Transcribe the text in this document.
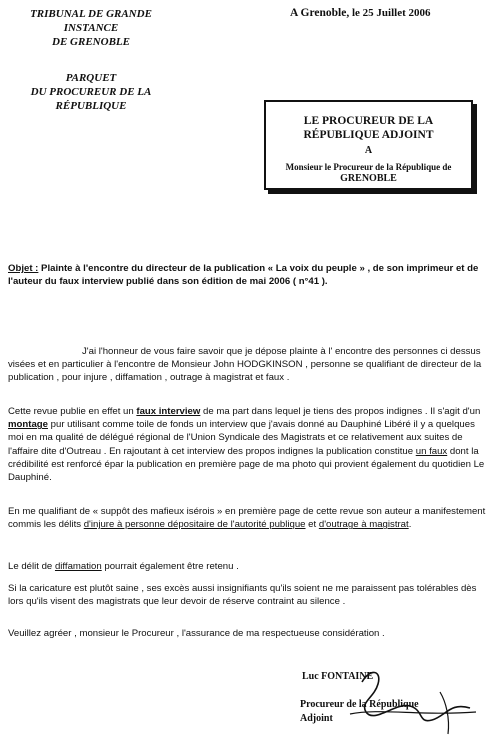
TRIBUNAL DE GRANDE INSTANCE
DE GRENOBLE
PARQUET
DU PROCUREUR DE LA
RÉPUBLIQUE
A Grenoble, le 25 Juillet 2006
LE PROCUREUR DE LA
RÉPUBLIQUE ADJOINT
A
Monsieur le Procureur de la République de
GRENOBLE
Objet : Plainte à l'encontre du directeur de la publication « La voix du peuple » , de son imprimeur et de l'auteur du faux interview publié dans son édition de mai 2006 ( n°41 ).
J'ai l'honneur de vous faire savoir que je dépose plainte à l' encontre des personnes ci dessus visées et en particulier à l'encontre de Monsieur John HODGKINSON , personne se qualifiant de directeur de la publication , pour injure , diffamation , outrage à magistrat et faux .
Cette revue publie en effet un faux interview de ma part dans lequel je tiens des propos indignes . Il s'agit d'un montage pur utilisant comme toile de fonds un interview que j'avais donné au Dauphiné Libéré il y a quelques moi en ma qualité de délégué régional de l'Union Syndicale des Magistrats et ce relativement aux suites de l'affaire dite d'Outreau . En rajoutant à cet interview des propos indignes la publication constitue un faux dont la crédibilité est renforcé épar la publication en première page de ma photo qui provient également du quotidien Le Dauphiné.
En me qualifiant de « suppôt des mafieux isérois » en première page de cette revue son auteur a manifestement commis les délits d'injure à personne dépositaire de l'autorité publique et d'outrage à magistrat.
Le délit de diffamation pourrait également être retenu .
Si la caricature est plutôt saine , ses excès aussi insignifiants qu'ils soient ne me paraissent pas tolérables dès lors qu'ils visent des magistrats que leur devoir de réserve contraint au silence .
Veuillez agréer , monsieur le Procureur , l'assurance de ma respectueuse considération .
Luc FONTAINE
Procureur de la République
Adjoint
